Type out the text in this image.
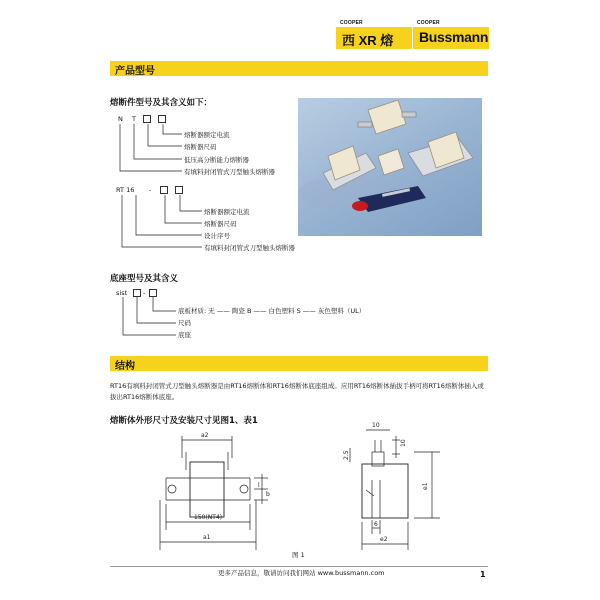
COOPER
西 XR 熔
COOPER
Bussmann
产品型号
熔断件型号及其含义如下：
N T
熔断器额定电流
熔断器尺码
低压高分断能力熔断器
有填料封闭管式刀型触头熔断器
RT 16 -
熔断器额定电流
熔断器尺码
设计序号
有填料封闭管式刀型触头熔断器
底座型号及其含义
sist -
底板材质: 无 —— 陶瓷 B —— 白色塑料 S —— 灰色塑料（UL）
尺码
底座
结构
RT16有填料封闭管式刀型触头熔断器是由RT16熔断体和RT16熔断体底座组成。应用RT16熔断体插拔手柄可将RT16熔断体插入或拔出RT16熔断体底座。
熔断体外形尺寸及安装尺寸见图1、表1
a2
l
b
150(NT4)
a1
10
10
2.5
e1
6
e2
图 1
更多产品信息，敬请访问我们网站 www.bussmann.com	1
